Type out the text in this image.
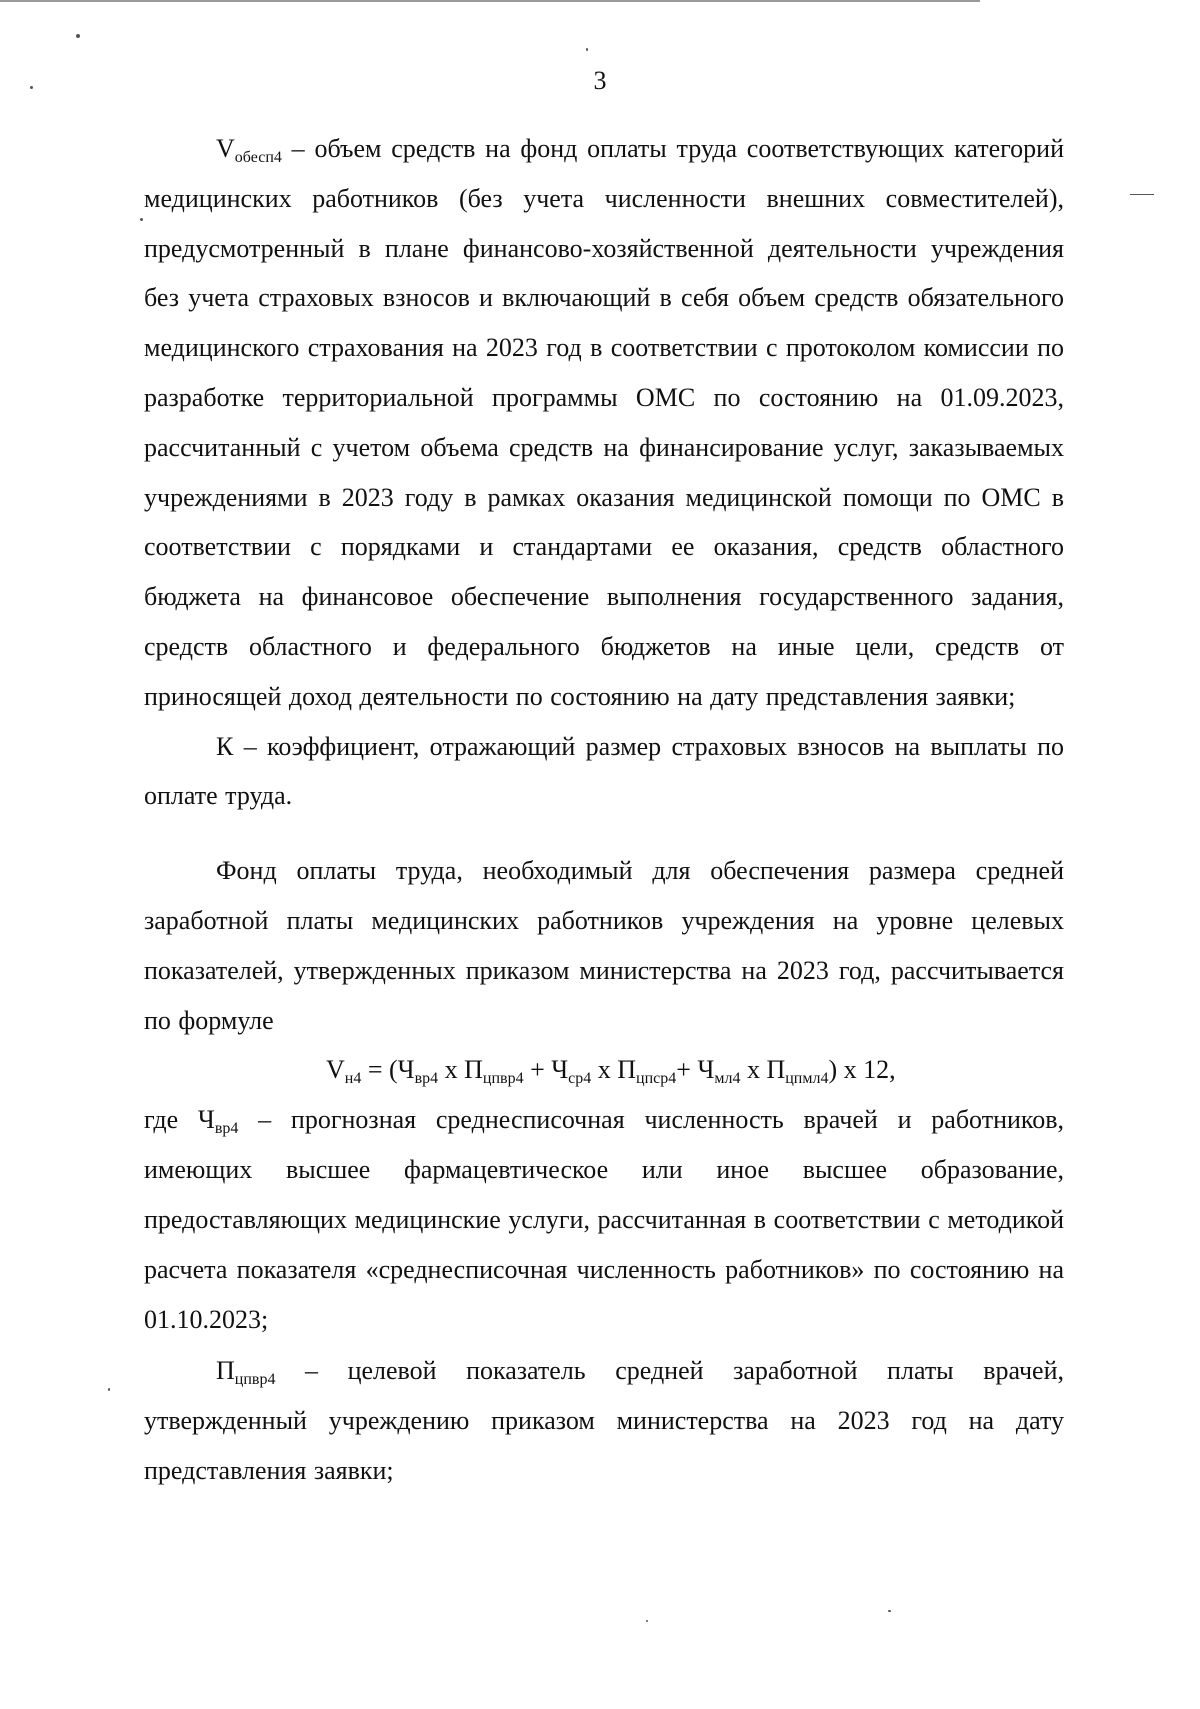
3

$V_{обесп4}$ – объем средств на фонд оплаты труда соответствующих категорий медицинских работников (без учета численности внешних совместителей), предусмотренный в плане финансово-хозяйственной деятельности учреждения без учета страховых взносов и включающий в себя объем средств обязательного медицинского страхования на 2023 год в соответствии с протоколом комиссии по разработке территориальной программы ОМС по состоянию на 01.09.2023, рассчитанный с учетом объема средств на финансирование услуг, заказываемых учреждениями в 2023 году в рамках оказания медицинской помощи по ОМС в соответствии с порядками и стандартами ее оказания, средств областного бюджета на финансовое обеспечение выполнения государственного задания, средств областного и федерального бюджетов на иные цели, средств от приносящей доход деятельности по состоянию на дату представления заявки;

К – коэффициент, отражающий размер страховых взносов на выплаты по оплате труда.

Фонд оплаты труда, необходимый для обеспечения размера средней заработной платы медицинских работников учреждения на уровне целевых показателей, утвержденных приказом министерства на 2023 год, рассчитывается по формуле

$V_{н4} = (Ч_{вр4}$ х $П_{цпвр4} + Ч_{ср4}$ х $П_{цпср4}+ Ч_{мл4}$ х $П_{цпмл4}$) х 12,

где $Ч_{вр4}$ – прогнозная среднесписочная численность врачей и работников, имеющих высшее фармацевтическое или иное высшее образование, предоставляющих медицинские услуги, рассчитанная в соответствии с методикой расчета показателя «среднесписочная численность работников» по состоянию на 01.10.2023;

$П_{цпвр4}$ – целевой показатель средней заработной платы врачей, утвержденный учреждению приказом министерства на 2023 год на дату представления заявки;
